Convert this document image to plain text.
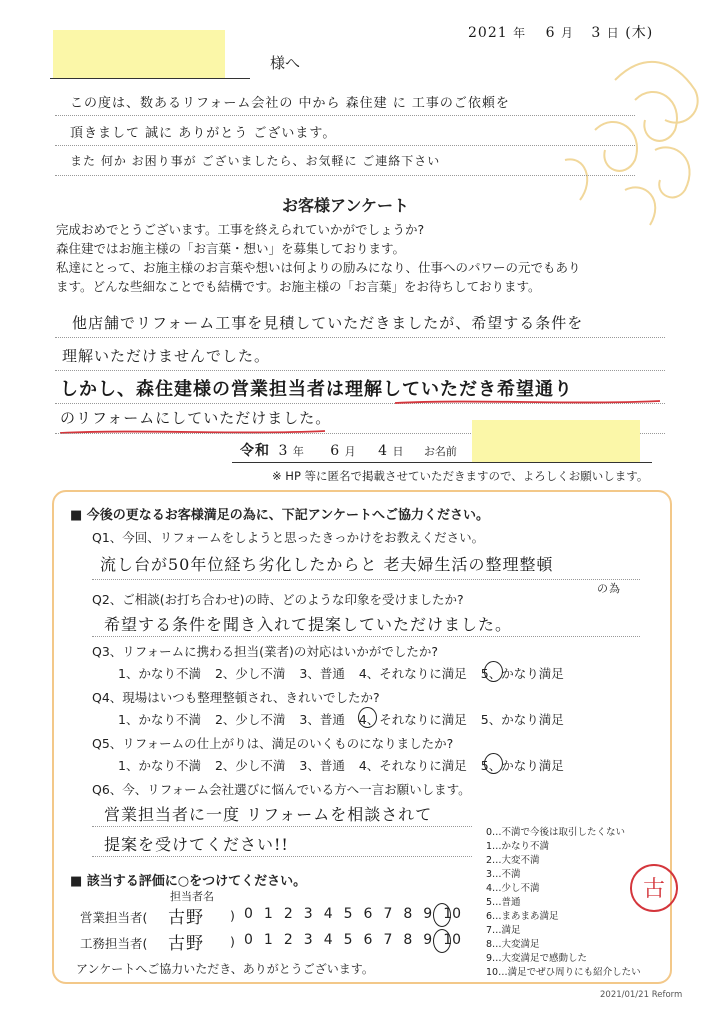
2021 年 6 月 3 日 (木)
様へ
この度は、数あるリフォーム会社の 中から 森住建 に 工事のご依頼を
頂きまして 誠に ありがとう ございます。
また 何か お困り事が ございましたら、お気軽に ご連絡下さい
お客様アンケート
完成おめでとうございます。工事を終えられていかがでしょうか?
森住建ではお施主様の「お言葉・想い」を募集しております。
私達にとって、お施主様のお言葉や想いは何よりの励みになり、仕事へのパワーの元でもあり
ます。どんな些細なことでも結構です。お施主様の「お言葉」をお待ちしております。
他店舗でリフォーム工事を見積していただきましたが、希望する条件を
理解いただけませんでした。
しかし、森住建様の営業担当者は理解していただき希望通り
のリフォームにしていただけました。
令和 3 年 6 月 4 日 お名前
※ HP 等に匿名で掲載させていただきますので、よろしくお願いします。
■ 今後の更なるお客様満足の為に、下記アンケートへご協力ください。
Q1、今回、リフォームをしようと思ったきっかけをお教えください。
流し台が50年位経ち劣化したからと 老夫婦生活の整理整頓
の為
Q2、ご相談(お打ち合わせ)の時、どのような印象を受けましたか?
希望する条件を聞き入れて提案していただけました。
Q3、リフォームに携わる担当(業者)の対応はいかがでしたか?
1、かなり不満 2、少し不満 3、普通 4、それなりに満足 5、かなり満足
Q4、現場はいつも整理整頓され、きれいでしたか?
1、かなり不満 2、少し不満 3、普通 4、それなりに満足 5、かなり満足
Q5、リフォームの仕上がりは、満足のいくものになりましたか?
1、かなり不満 2、少し不満 3、普通 4、それなりに満足 5、かなり満足
Q6、今、リフォーム会社選びに悩んでいる方へ一言お願いします。
営業担当者に一度 リフォームを相談されて
提案を受けてください!!
0…不満で今後は取引したくない
1…かなり不満
2…大変不満
3…不満
4…少し不満
5…普通
6…まあまあ満足
7…満足
8…大変満足
9…大変満足で感動した
10…満足でぜひ周りにも紹介したい
古
■ 該当する評価に○をつけてください。
担当者名
営業担当者( 古野 ) 0 1 2 3 4 5 6 7 8 9 10
工務担当者( 古野 ) 0 1 2 3 4 5 6 7 8 9 10
アンケートへご協力いただき、ありがとうございます。
2021/01/21 Reform
